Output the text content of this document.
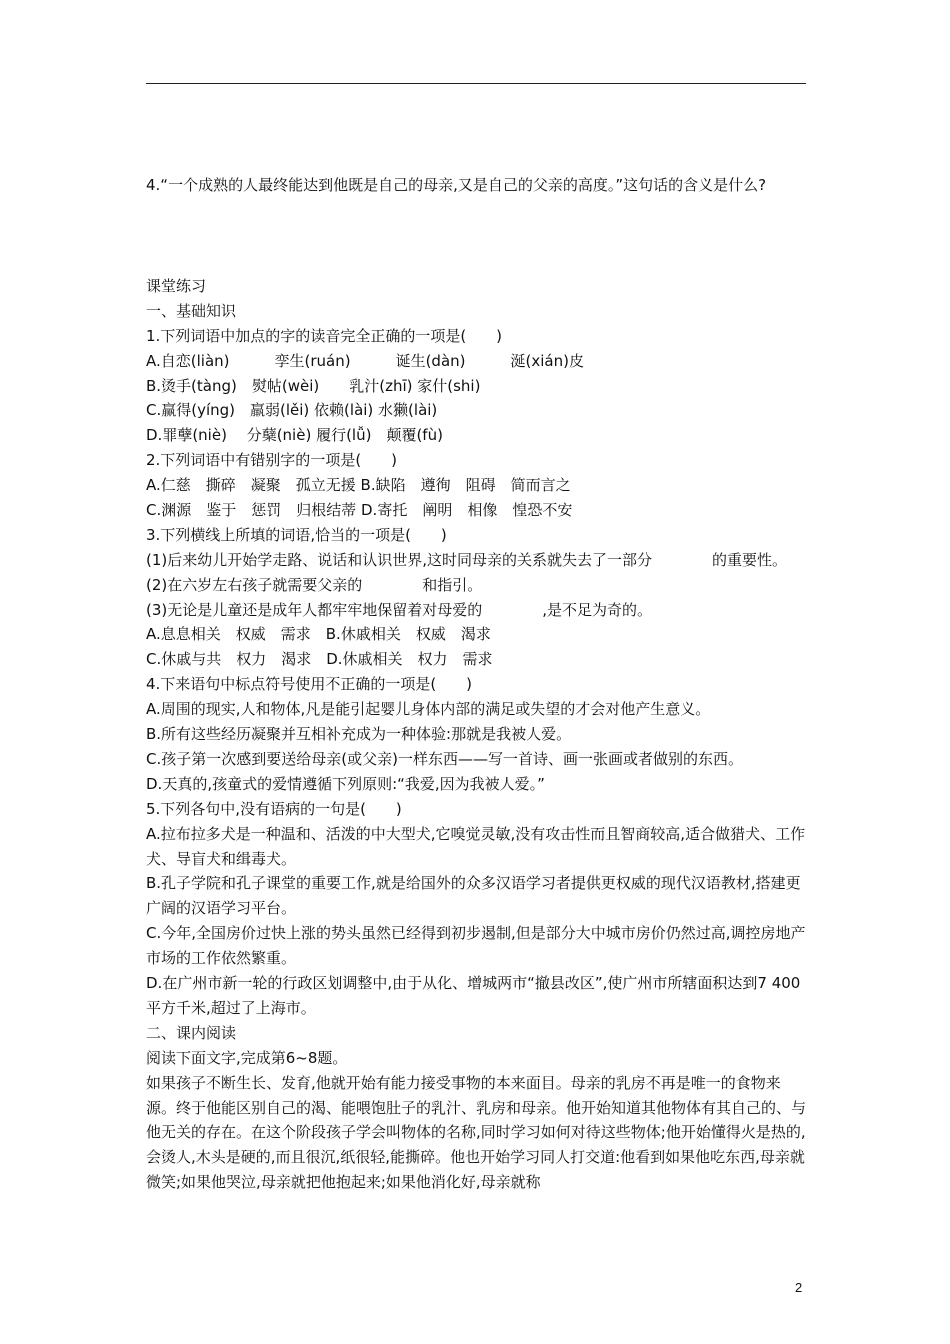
4.“一个成熟的人最终能达到他既是自己的母亲,又是自己的父亲的高度。”这句话的含义是什么?
课堂练习
一、基础知识
1.下列词语中加点的字的读音完全正确的一项是(　　)
A.自恋(liàn)　　　孪生(ruán)　　　诞生(dàn)　　　涎(xián)皮
B.烫手(tàng)　熨帖(wèi)　　乳汁(zhī) 家什(shi)
C.赢得(yíng)　羸弱(lěi) 依赖(lài) 水獭(lài)
D.罪孽(niè)　 分蘖(niè) 履行(lǚ)　颠覆(fù)
2.下列词语中有错别字的一项是(　　)
A.仁慈　撕碎　凝聚　孤立无援 B.缺陷　遵徇　阻碍　简而言之
C.渊源　鉴于　惩罚　归根结蒂 D.寄托　阐明　相像　惶恐不安
3.下列横线上所填的词语,恰当的一项是(　　)
(1)后来幼儿开始学走路、说话和认识世界,这时同母亲的关系就失去了一部分　　　　的重要性。
(2)在六岁左右孩子就需要父亲的　　　　和指引。
(3)无论是儿童还是成年人都牢牢地保留着对母爱的　　　　,是不足为奇的。
A.息息相关　权威　需求　B.休戚相关　权威　渴求
C.休戚与共　权力　渴求　D.休戚相关　权力　需求
4.下来语句中标点符号使用不正确的一项是(　　)
A.周围的现实,人和物体,凡是能引起婴儿身体内部的满足或失望的才会对他产生意义。
B.所有这些经历凝聚并互相补充成为一种体验:那就是我被人爱。
C.孩子第一次感到要送给母亲(或父亲)一样东西——写一首诗、画一张画或者做别的东西。
D.天真的,孩童式的爱情遵循下列原则:“我爱,因为我被人爱。”
5.下列各句中,没有语病的一句是(　　)
A.拉布拉多犬是一种温和、活泼的中大型犬,它嗅觉灵敏,没有攻击性而且智商较高,适合做猎犬、工作犬、导盲犬和缉毒犬。
B.孔子学院和孔子课堂的重要工作,就是给国外的众多汉语学习者提供更权威的现代汉语教材,搭建更广阔的汉语学习平台。
C.今年,全国房价过快上涨的势头虽然已经得到初步遏制,但是部分大中城市房价仍然过高,调控房地产市场的工作依然繁重。
D.在广州市新一轮的行政区划调整中,由于从化、增城两市“撤县改区”,使广州市所辖面积达到7 400平方千米,超过了上海市。
二、课内阅读
阅读下面文字,完成第6~8题。
如果孩子不断生长、发育,他就开始有能力接受事物的本来面目。母亲的乳房不再是唯一的食物来源。终于他能区别自己的渴、能喂饱肚子的乳汁、乳房和母亲。他开始知道其他物体有其自己的、与他无关的存在。在这个阶段孩子学会叫物体的名称,同时学习如何对待这些物体;他开始懂得火是热的,会烫人,木头是硬的,而且很沉,纸很轻,能撕碎。他也开始学习同人打交道:他看到如果他吃东西,母亲就微笑;如果他哭泣,母亲就把他抱起来;如果他消化好,母亲就称
2
